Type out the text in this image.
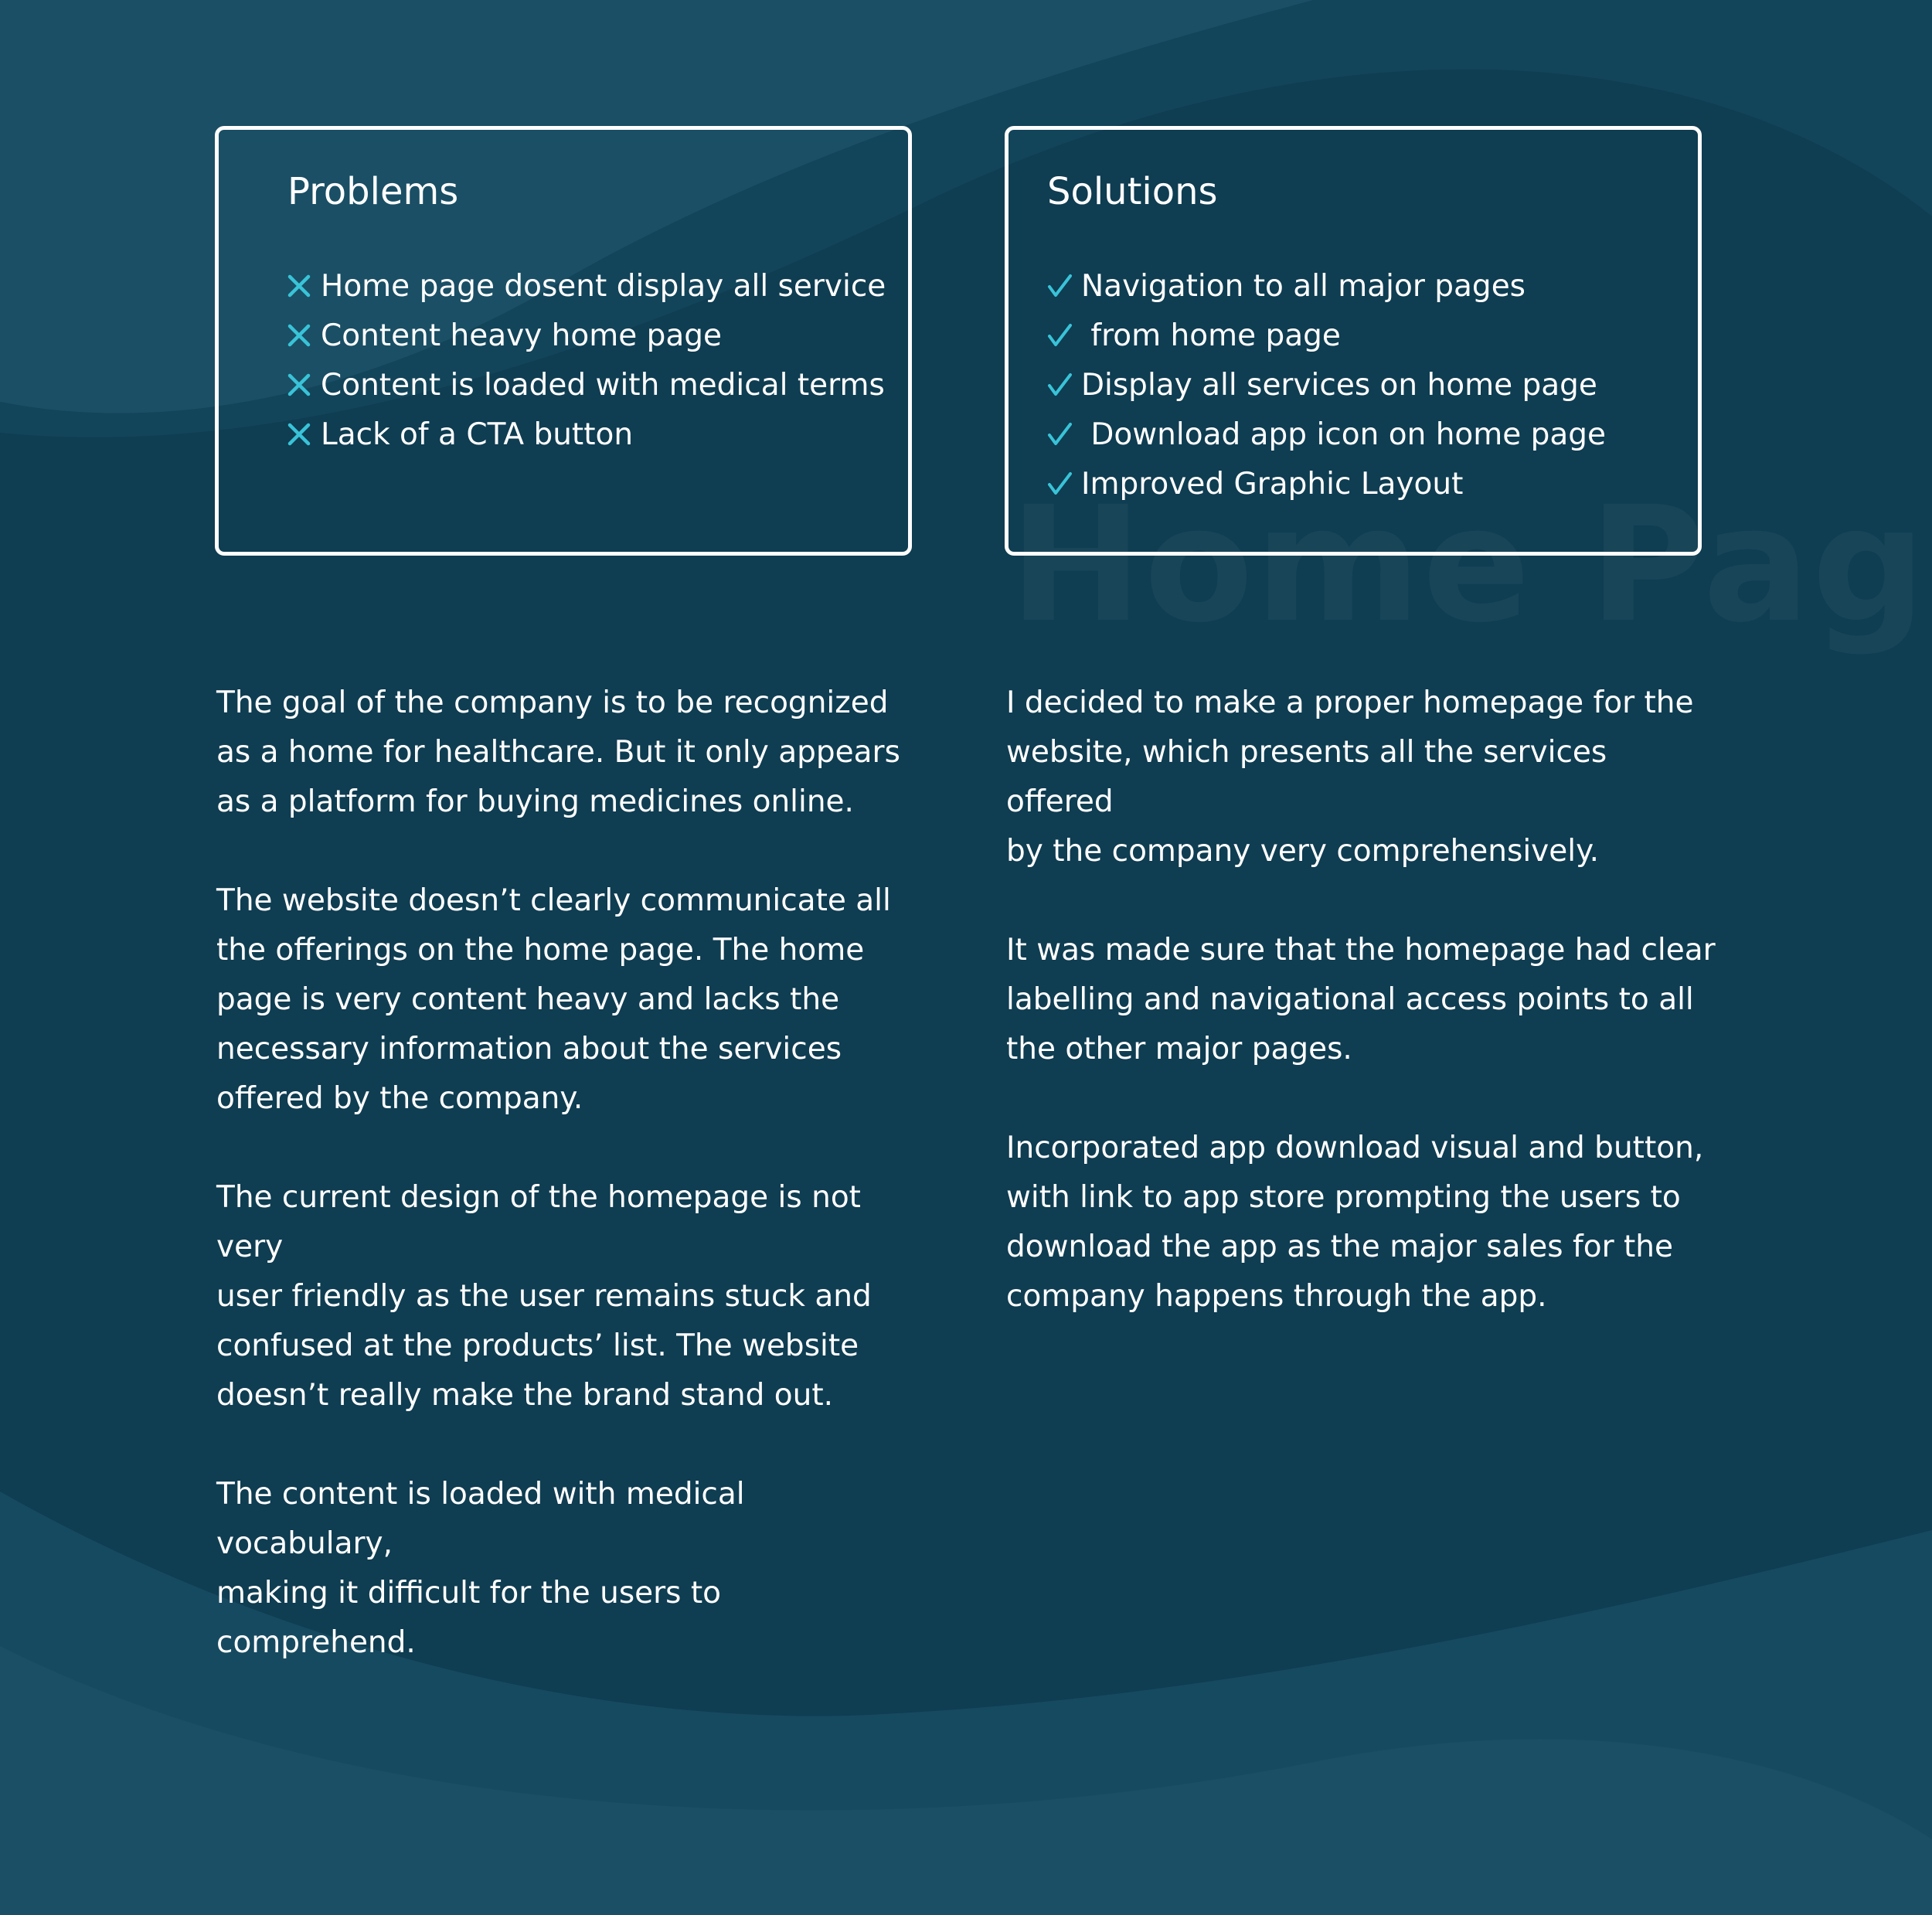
Problems
Home page dosent display all service
Content heavy home page
Content is loaded with medical terms
Lack of a CTA button
Solutions
Navigation to all major pages
from home page
Display all services on home page
Download app icon on home page
Improved Graphic Layout

The goal of the company is to be recognized
as a home for healthcare. But it only appears
as a platform for buying medicines online.

The website doesn’t clearly communicate all
the offerings on the home page. The home
page is very content heavy and lacks the
necessary information about the services
offered by the company.

The current design of the homepage is not very
user friendly as the user remains stuck and
confused at the products’ list. The website
doesn’t really make the brand stand out.

The content is loaded with medical vocabulary,
making it difficult for the users to comprehend.

I decided to make a proper homepage for the
website, which presents all the services offered
by the company very comprehensively.

It was made sure that the homepage had clear
labelling and navigational access points to all
the other major pages.

Incorporated app download visual and button,
with link to app store prompting the users to
download the app as the major sales for the
company happens through the app.
